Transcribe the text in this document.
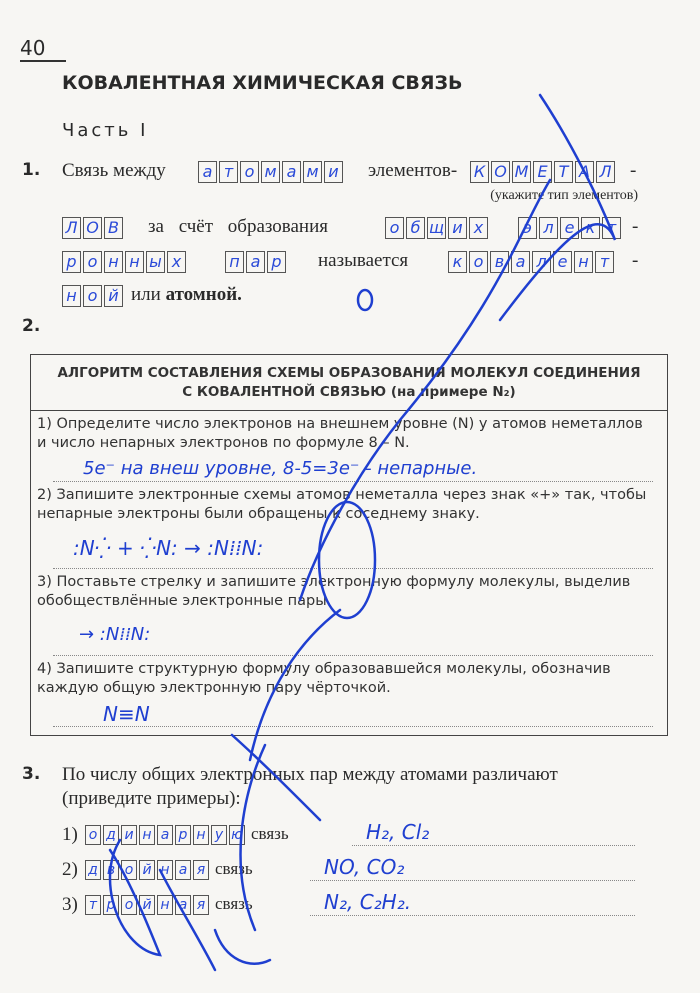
40
КОВАЛЕНТНАЯ ХИМИЧЕСКАЯ СВЯЗЬ
Часть I
1. Связь между а т о м а м и элементов- К О М Е Т А Л -
(укажите тип элементов)
Л О В за счёт образования	о б щ и х	э л е к т -
р о н н ы х	п а р называется	к о в а л е н т -
н о й или атомной.
2.
АЛГОРИТМ СОСТАВЛЕНИЯ СХЕМЫ ОБРАЗОВАНИЯ МОЛЕКУЛ СОЕДИНЕНИЯ
С КОВАЛЕНТНОЙ СВЯЗЬЮ (на примере N₂)
1) Определите число электронов на внешнем уровне (N) у атомов неметаллов и число непарных электронов по формуле 8 – N.
5e⁻ на внеш уровне, 8-5=3e⁻ - непарные.
2) Запишите электронные схемы атомов неметалла через знак «+» так, чтобы непарные электроны были обращены к соседнему знаку.
:N⁛ + ⁛N: → :N⁞⁞N:
3) Поставьте стрелку и запишите электронную формулу молекулы, выделив обобществлённые электронные пары.
→ :N⁞⁞N:
4) Запишите структурную формулу образовавшейся молекулы, обозначив каждую общую электронную пару чёрточкой.
N≡N
3. По числу общих электронных пар между атомами различают (приведите примеры):
1) о д и н а р н у ю связь	H₂, Cl₂
2) д в о й н а я связь	NO, CO₂
3) т р о й н а я связь	N₂, C₂H₂.
